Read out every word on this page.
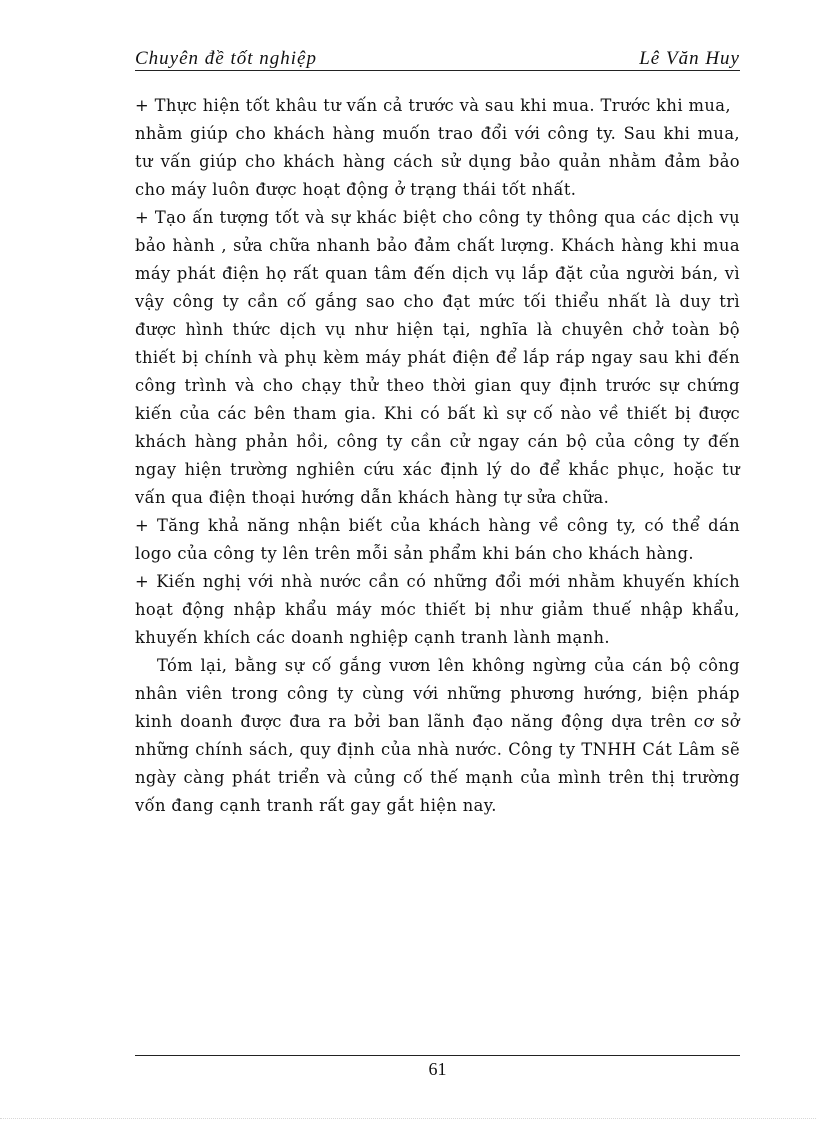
Chuyên đề tốt nghiệp	Lê Văn Huy

+ Thực hiện tốt khâu tư vấn cả trước và sau khi mua. Trước khi mua,

nhằm giúp cho khách hàng muốn trao đổi với công ty. Sau khi mua, tư vấn giúp cho khách hàng cách sử dụng bảo quản nhằm đảm bảo cho máy luôn được hoạt động ở trạng thái tốt nhất.

+ Tạo ấn tượng tốt và sự khác biệt cho công ty thông qua các dịch vụ bảo hành , sửa chữa nhanh bảo đảm chất lượng. Khách hàng khi mua máy phát điện họ rất quan tâm đến dịch vụ lắp đặt của người bán, vì vậy công ty cần cố gắng sao cho đạt mức tối thiểu nhất là duy trì được hình thức dịch vụ như hiện tại, nghĩa là chuyên chở toàn bộ thiết bị chính và phụ kèm máy phát điện để lắp ráp ngay sau khi đến công trình và cho chạy thử theo thời gian quy định trước sự chứng kiến của các bên tham gia. Khi có bất kì sự cố nào về thiết bị được khách hàng phản hồi, công ty cần cử ngay cán bộ của công ty đến ngay hiện trường nghiên cứu xác định lý do để khắc phục, hoặc tư vấn qua điện thoại hướng dẫn khách hàng tự sửa chữa.

+ Tăng khả năng nhận biết của khách hàng về công ty, có thể dán logo của công ty lên trên mỗi sản phẩm khi bán cho khách hàng.

+ Kiến nghị với nhà nước cần có những đổi mới nhằm khuyến khích hoạt động nhập khẩu máy móc thiết bị như giảm thuế nhập khẩu, khuyến khích các doanh nghiệp cạnh tranh lành mạnh.

Tóm lại, bằng sự cố gắng vươn lên không ngừng của cán bộ công nhân viên trong công ty cùng với những phương hướng, biện pháp kinh doanh được đưa ra bởi ban lãnh đạo năng động dựa trên cơ sở những chính sách, quy định của nhà nước. Công ty TNHH Cát Lâm sẽ ngày càng phát triển và củng cố thế mạnh của mình trên thị trường vốn đang cạnh tranh rất gay gắt hiện nay.

61
